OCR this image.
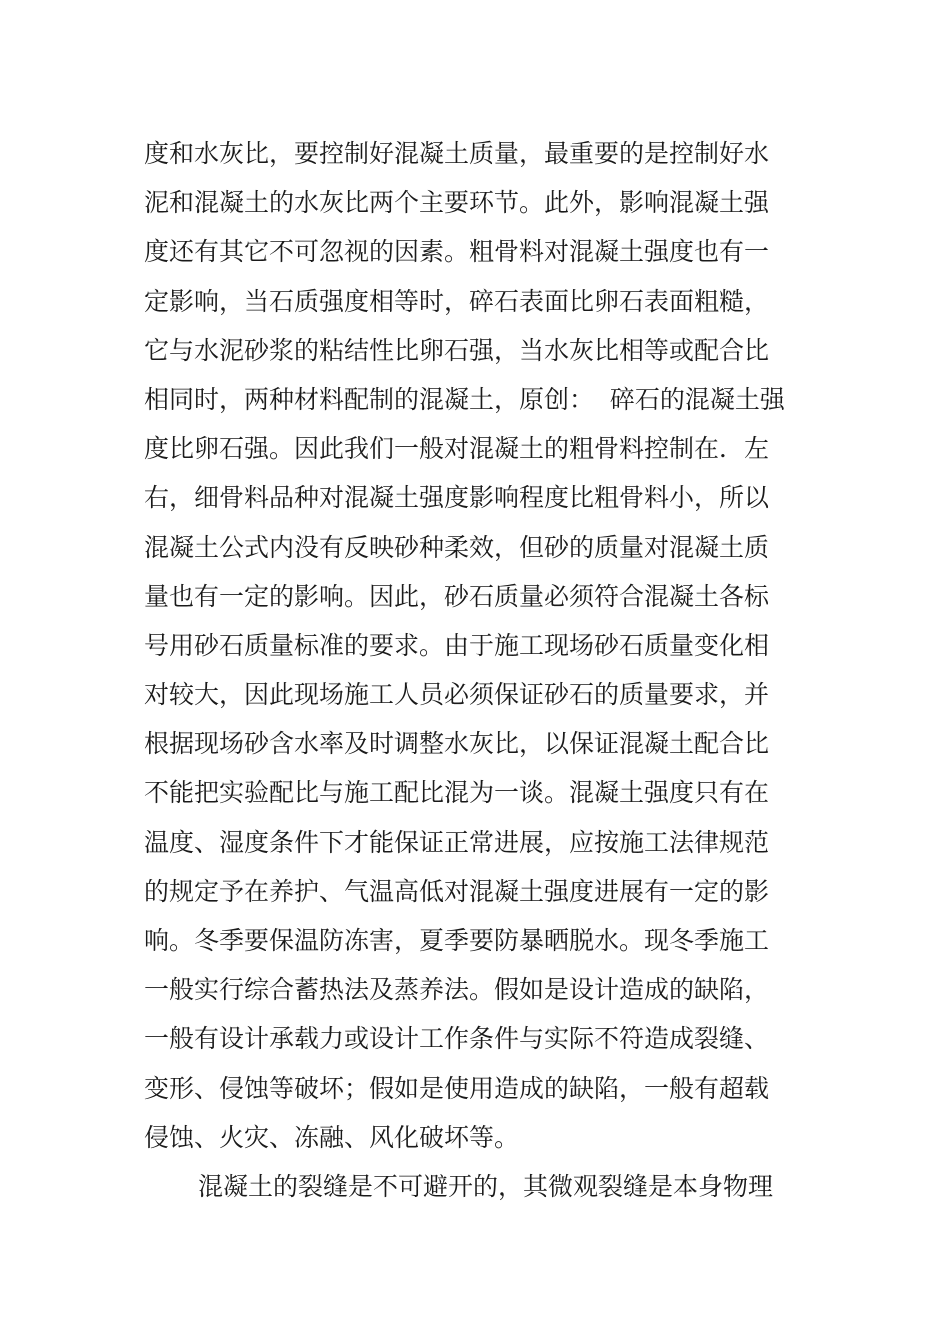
度和水灰比，要控制好混凝土质量，最重要的是控制好水
泥和混凝土的水灰比两个主要环节。此外，影响混凝土强
度还有其它不可忽视的因素。粗骨料对混凝土强度也有一
定影响，当石质强度相等时，碎石表面比卵石表面粗糙，
它与水泥砂浆的粘结性比卵石强，当水灰比相等或配合比
相同时，两种材料配制的混凝土，原创：  碎石的混凝土强
度比卵石强。因此我们一般对混凝土的粗骨料控制在．左
右，细骨料品种对混凝土强度影响程度比粗骨料小，所以
混凝土公式内没有反映砂种柔效，但砂的质量对混凝土质
量也有一定的影响。因此，砂石质量必须符合混凝土各标
号用砂石质量标准的要求。由于施工现场砂石质量变化相
对较大，因此现场施工人员必须保证砂石的质量要求，并
根据现场砂含水率及时调整水灰比，以保证混凝土配合比
不能把实验配比与施工配比混为一谈。混凝土强度只有在
温度、湿度条件下才能保证正常进展，应按施工法律规范
的规定予在养护、气温高低对混凝土强度进展有一定的影
响。冬季要保温防冻害，夏季要防暴晒脱水。现冬季施工
一般实行综合蓄热法及蒸养法。假如是设计造成的缺陷，
一般有设计承载力或设计工作条件与实际不符造成裂缝、
变形、侵蚀等破坏；假如是使用造成的缺陷，一般有超载
侵蚀、火灾、冻融、风化破坏等。
混凝土的裂缝是不可避开的，其微观裂缝是本身物理
